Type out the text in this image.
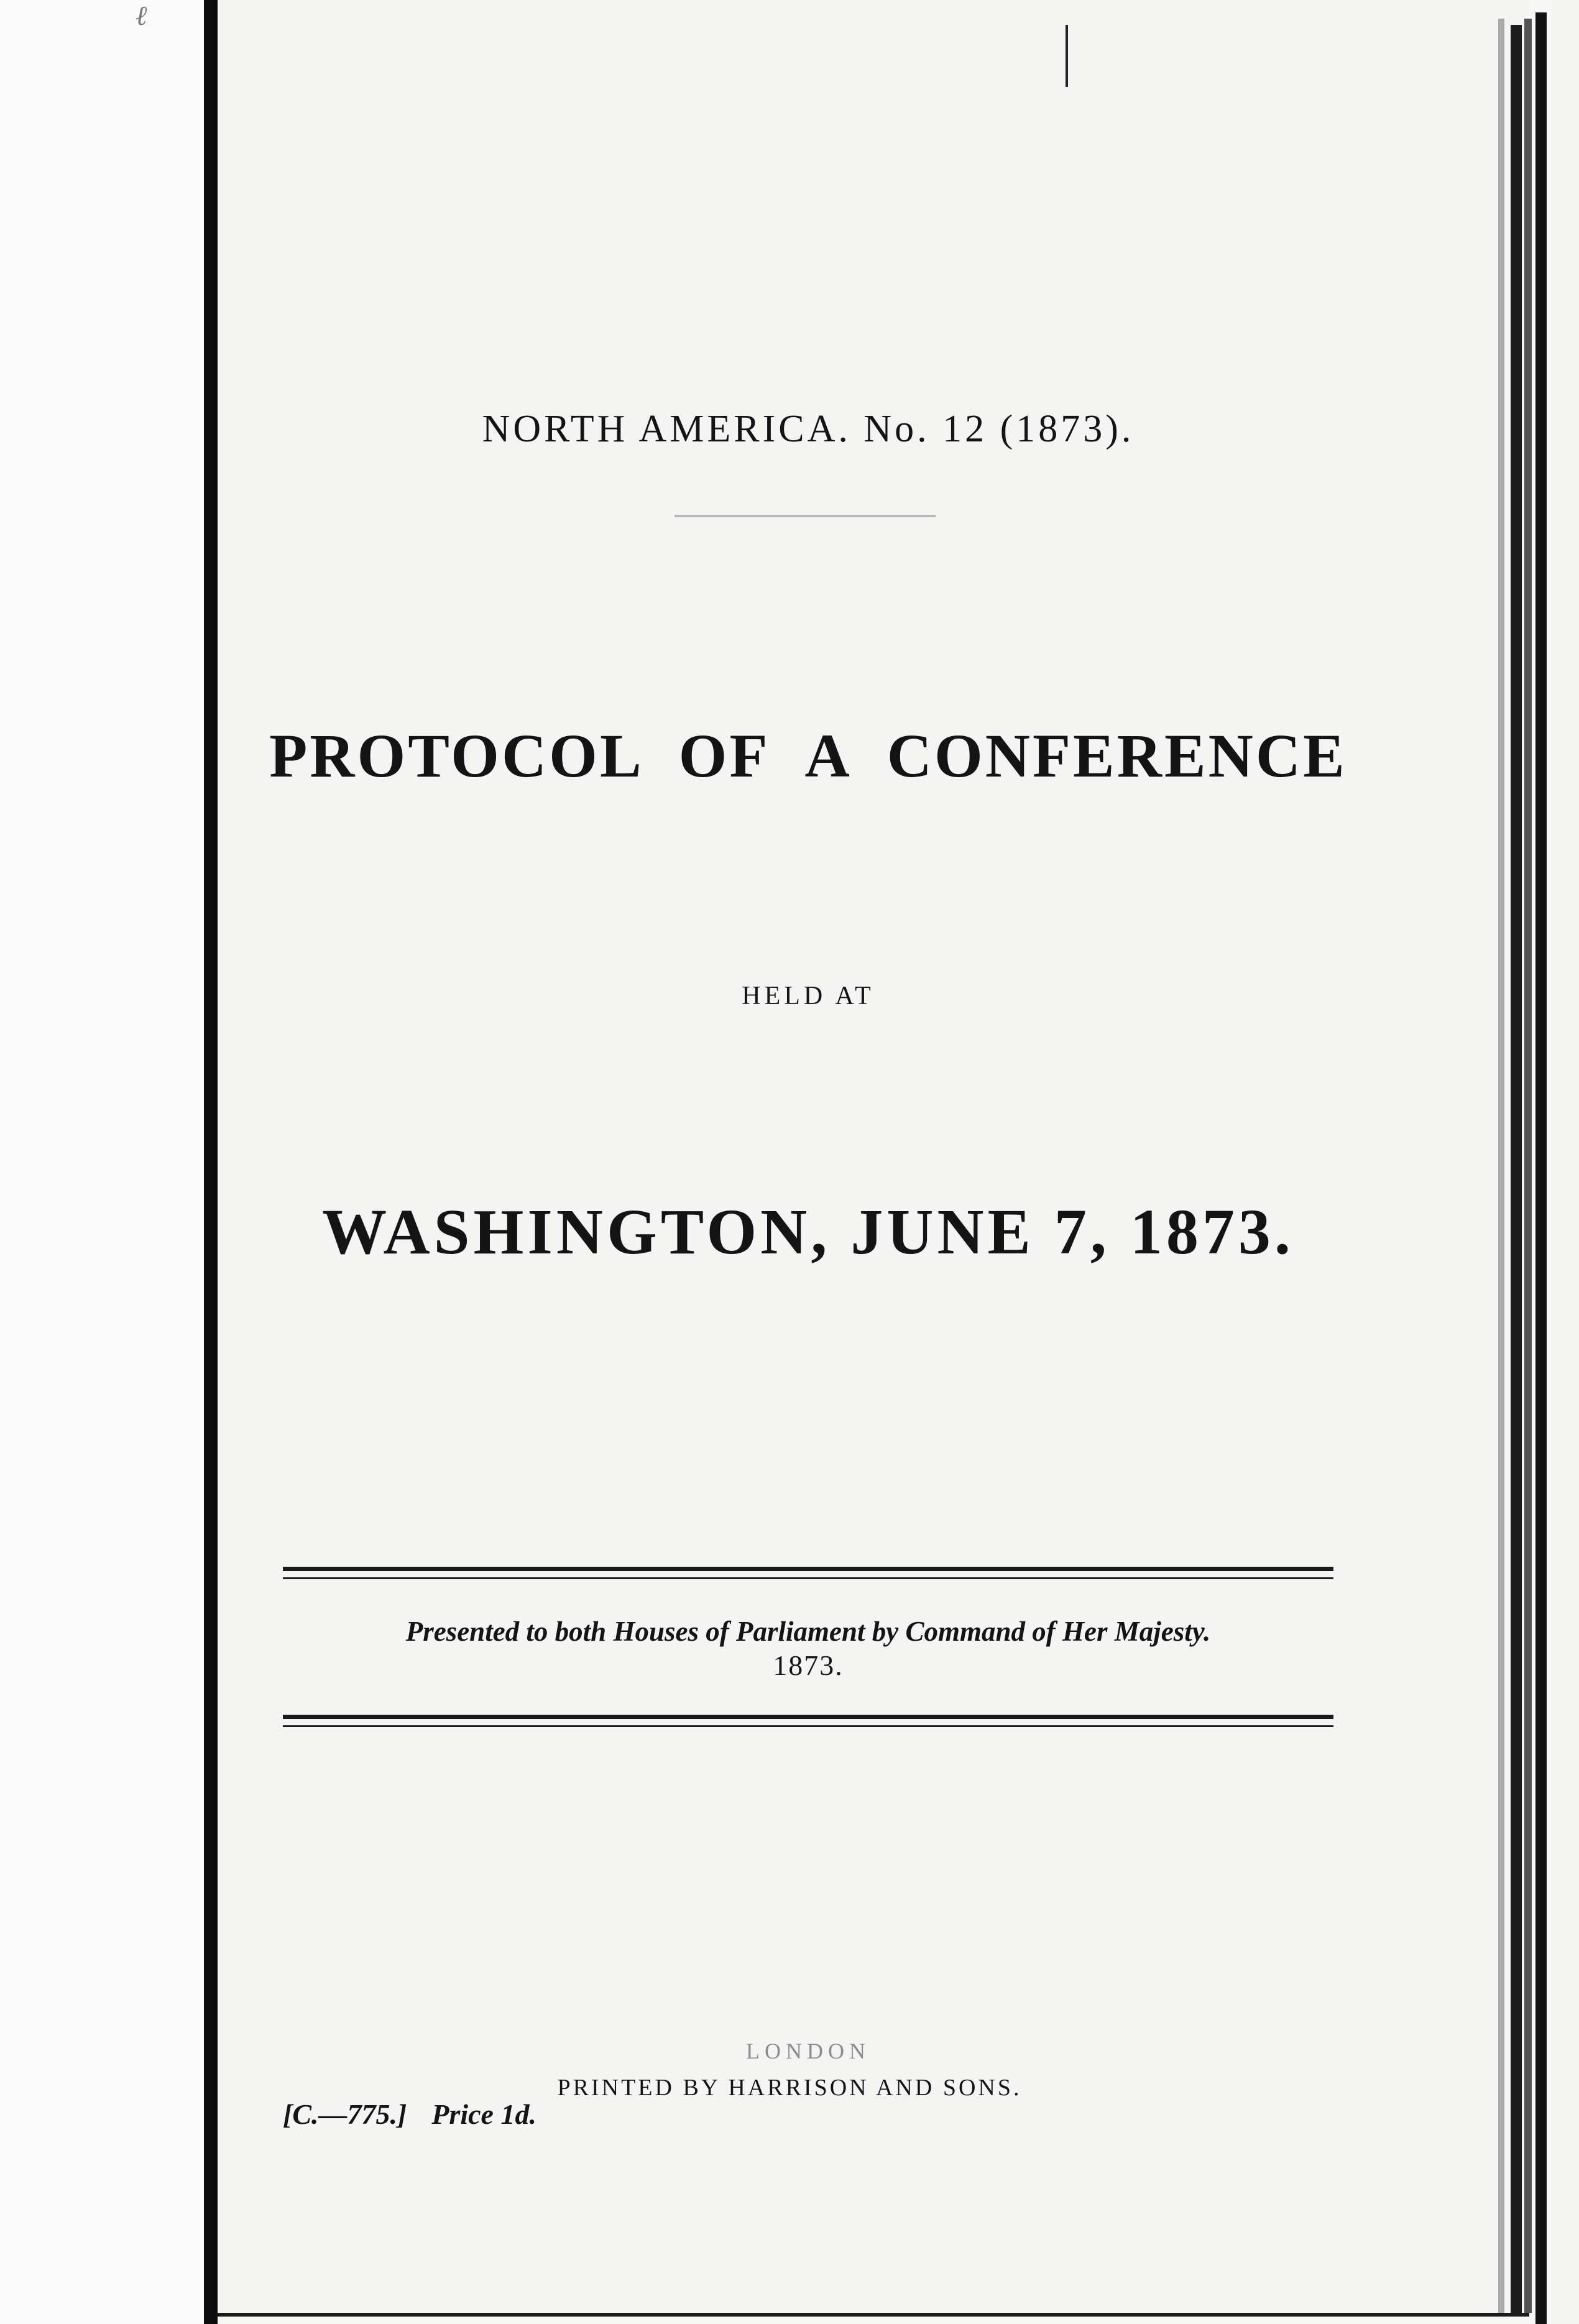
ℓ
NORTH AMERICA. No. 12 (1873).
PROTOCOL OF A CONFERENCE
HELD AT
WASHINGTON, JUNE 7, 1873.
Presented to both Houses of Parliament by Command of Her Majesty.
1873.
LONDON
PRINTED BY HARRISON AND SONS.
[C.—775.] Price 1d.
